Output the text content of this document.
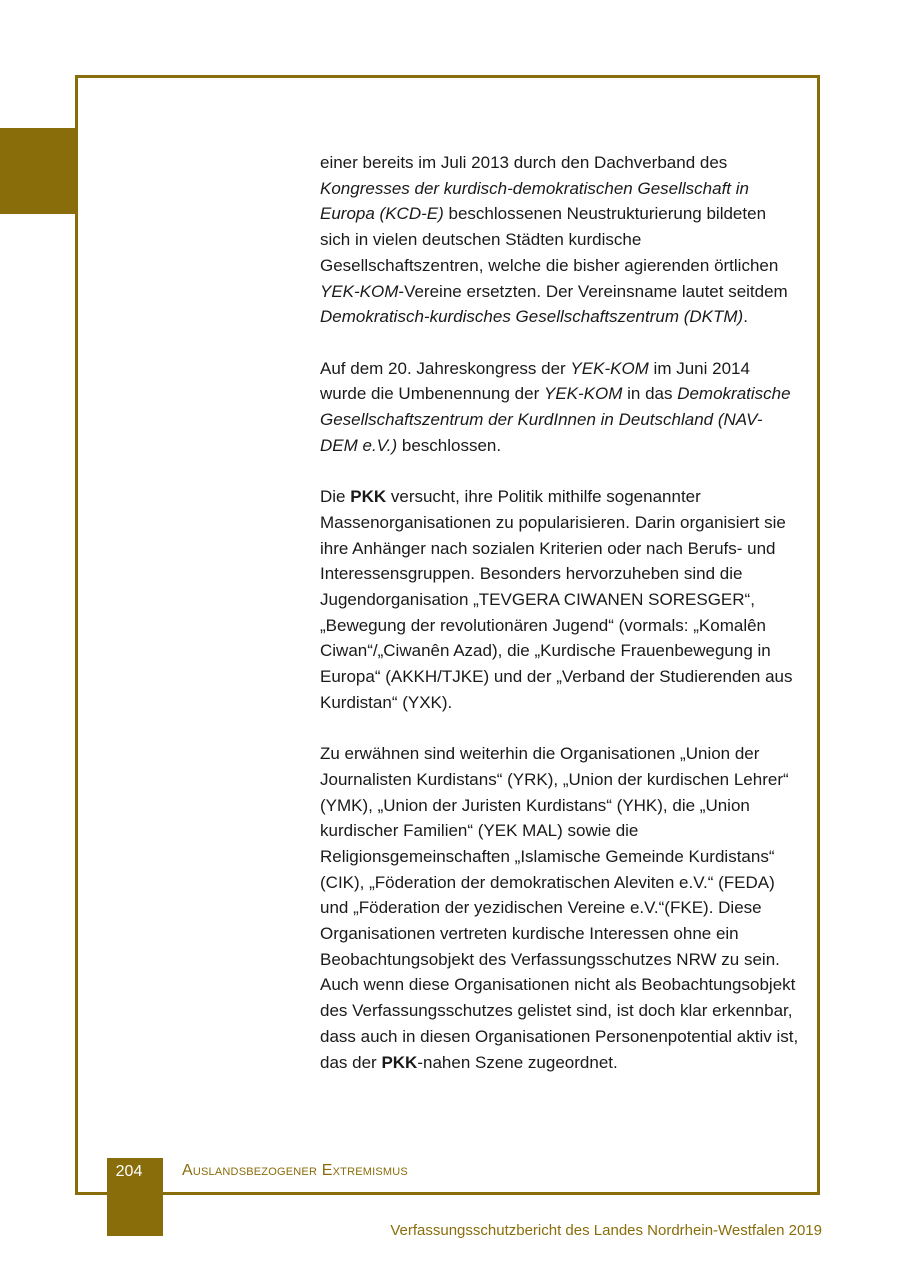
einer bereits im Juli 2013 durch den Dachverband des Kongresses der kurdisch-demokratischen Gesellschaft in Europa (KCD-E) beschlossenen Neustrukturierung bildeten sich in vielen deutschen Städten kurdische Gesellschaftszentren, welche die bisher agierenden örtlichen YEK-KOM-Vereine ersetzten. Der Vereinsname lautet seitdem Demokratisch-kurdisches Gesellschaftszentrum (DKTM).

Auf dem 20. Jahreskongress der YEK-KOM im Juni 2014 wurde die Umbenennung der YEK-KOM in das Demokratische Gesellschaftszentrum der KurdInnen in Deutschland (NAV-DEM e.V.) beschlossen.

Die PKK versucht, ihre Politik mithilfe sogenannter Massenorganisationen zu popularisieren. Darin organisiert sie ihre Anhänger nach sozialen Kriterien oder nach Berufs- und Interessensgruppen. Besonders hervorzuheben sind die Jugendorganisation „TEVGERA CIWANEN SORESGER“, „Bewegung der revolutionären Jugend“ (vormals: „Komalên Ciwan“/„Ciwanên Azad), die „Kurdische Frauenbewegung in Europa“ (AKKH/TJKE) und der „Verband der Studierenden aus Kurdistan“ (YXK).

Zu erwähnen sind weiterhin die Organisationen „Union der Journalisten Kurdistans“ (YRK), „Union der kurdischen Lehrer“ (YMK), „Union der Juristen Kurdistans“ (YHK), die „Union kurdischer Familien“ (YEK MAL) sowie die Religionsgemeinschaften „Islamische Gemeinde Kurdistans“ (CIK), „Föderation der demokratischen Aleviten e.V.“ (FEDA) und „Föderation der yezidischen Vereine e.V.“(FKE). Diese Organisationen vertreten kurdische Interessen ohne ein Beobachtungsobjekt des Verfassungsschutzes NRW zu sein. Auch wenn diese Organisationen nicht als Beobachtungsobjekt des Verfassungsschutzes gelistet sind, ist doch klar erkennbar, dass auch in diesen Organisationen Personenpotential aktiv ist, das der PKK-nahen Szene zugeordnet.

204	Auslandsbezogener Extremismus
Verfassungsschutzbericht des Landes Nordrhein-Westfalen 2019
